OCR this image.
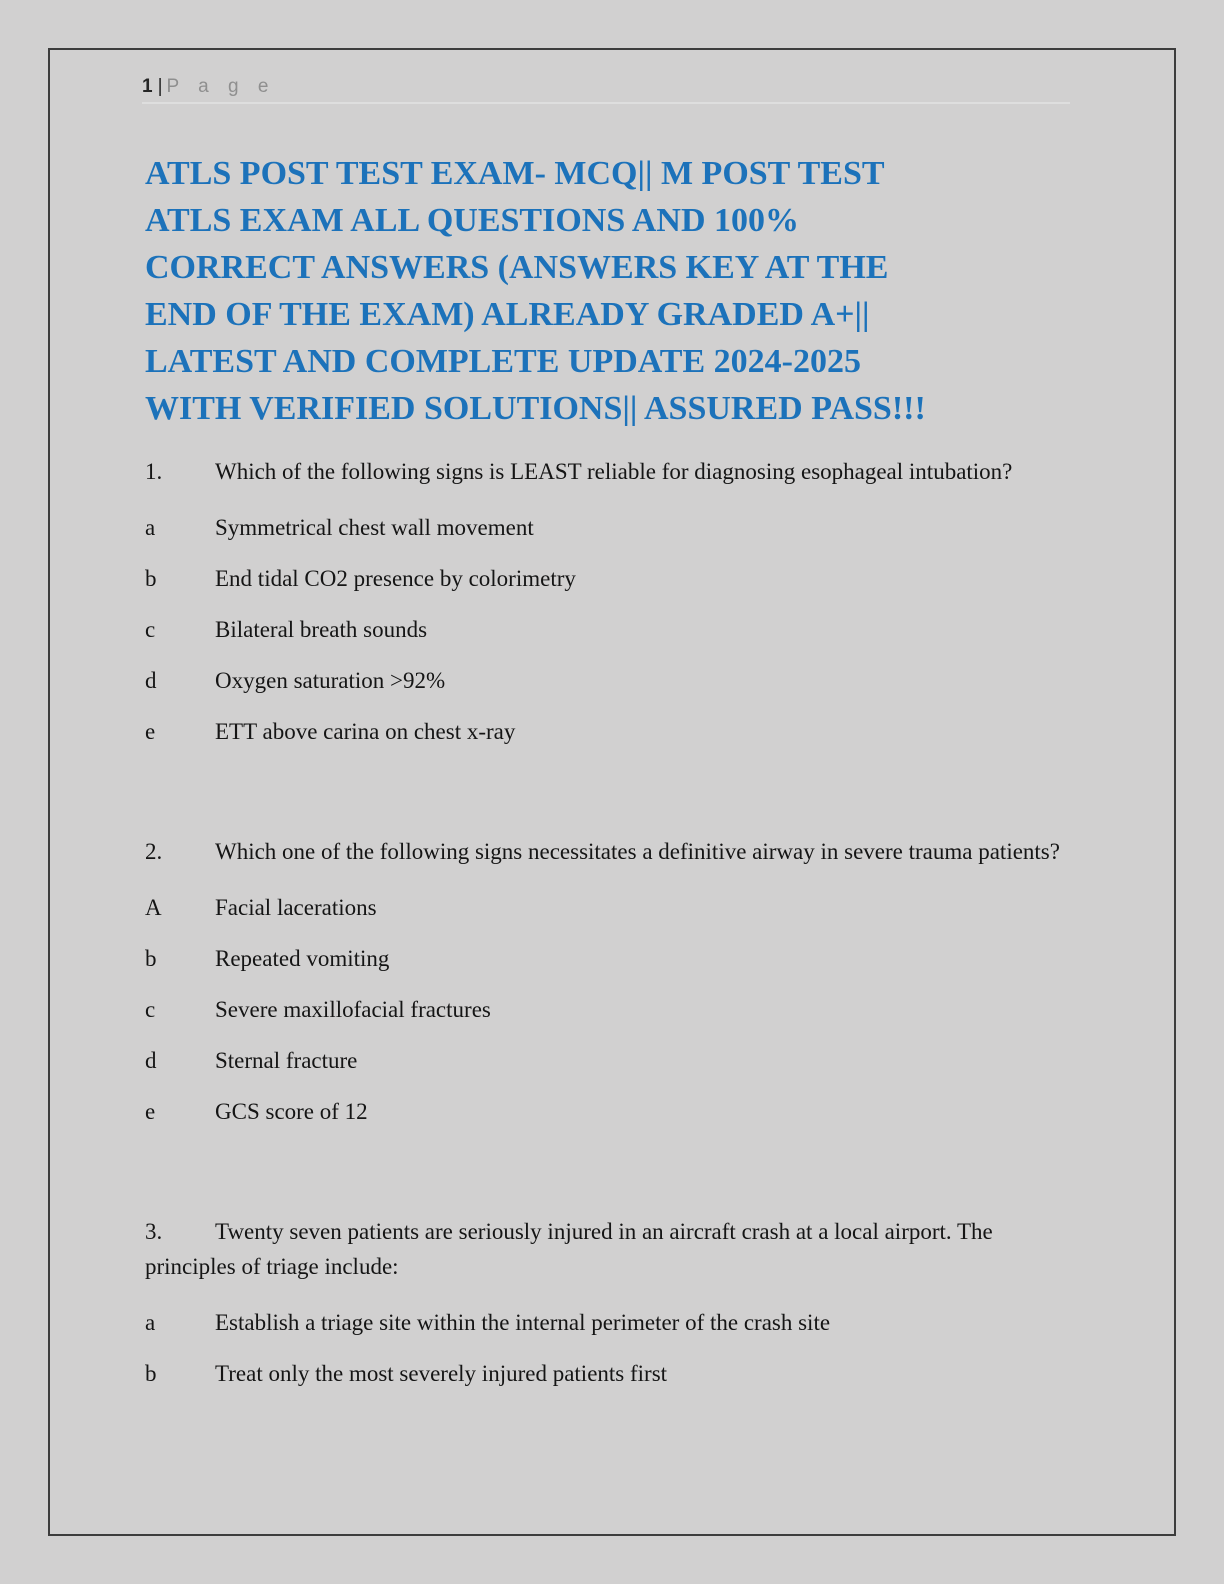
1 | P a g e
ATLS POST TEST EXAM- MCQ|| M POST TEST
ATLS EXAM ALL QUESTIONS AND 100%
CORRECT ANSWERS (ANSWERS KEY AT THE
END OF THE EXAM) ALREADY GRADED A+||
LATEST AND COMPLETE UPDATE 2024-2025
WITH VERIFIED SOLUTIONS|| ASSURED PASS!!!

1. Which of the following signs is LEAST reliable for diagnosing esophageal intubation?

a	Symmetrical chest wall movement
b	End tidal CO2 presence by colorimetry
c	Bilateral breath sounds
d	Oxygen saturation >92%
e	ETT above carina on chest x-ray

2. Which one of the following signs necessitates a definitive airway in severe trauma patients?

A Facial lacerations
b	Repeated vomiting
c	Severe maxillofacial fractures
d	Sternal fracture
e	GCS score of 12

3. Twenty seven patients are seriously injured in an aircraft crash at a local airport. The principles of triage include:

a	Establish a triage site within the internal perimeter of the crash site
b	Treat only the most severely injured patients first
